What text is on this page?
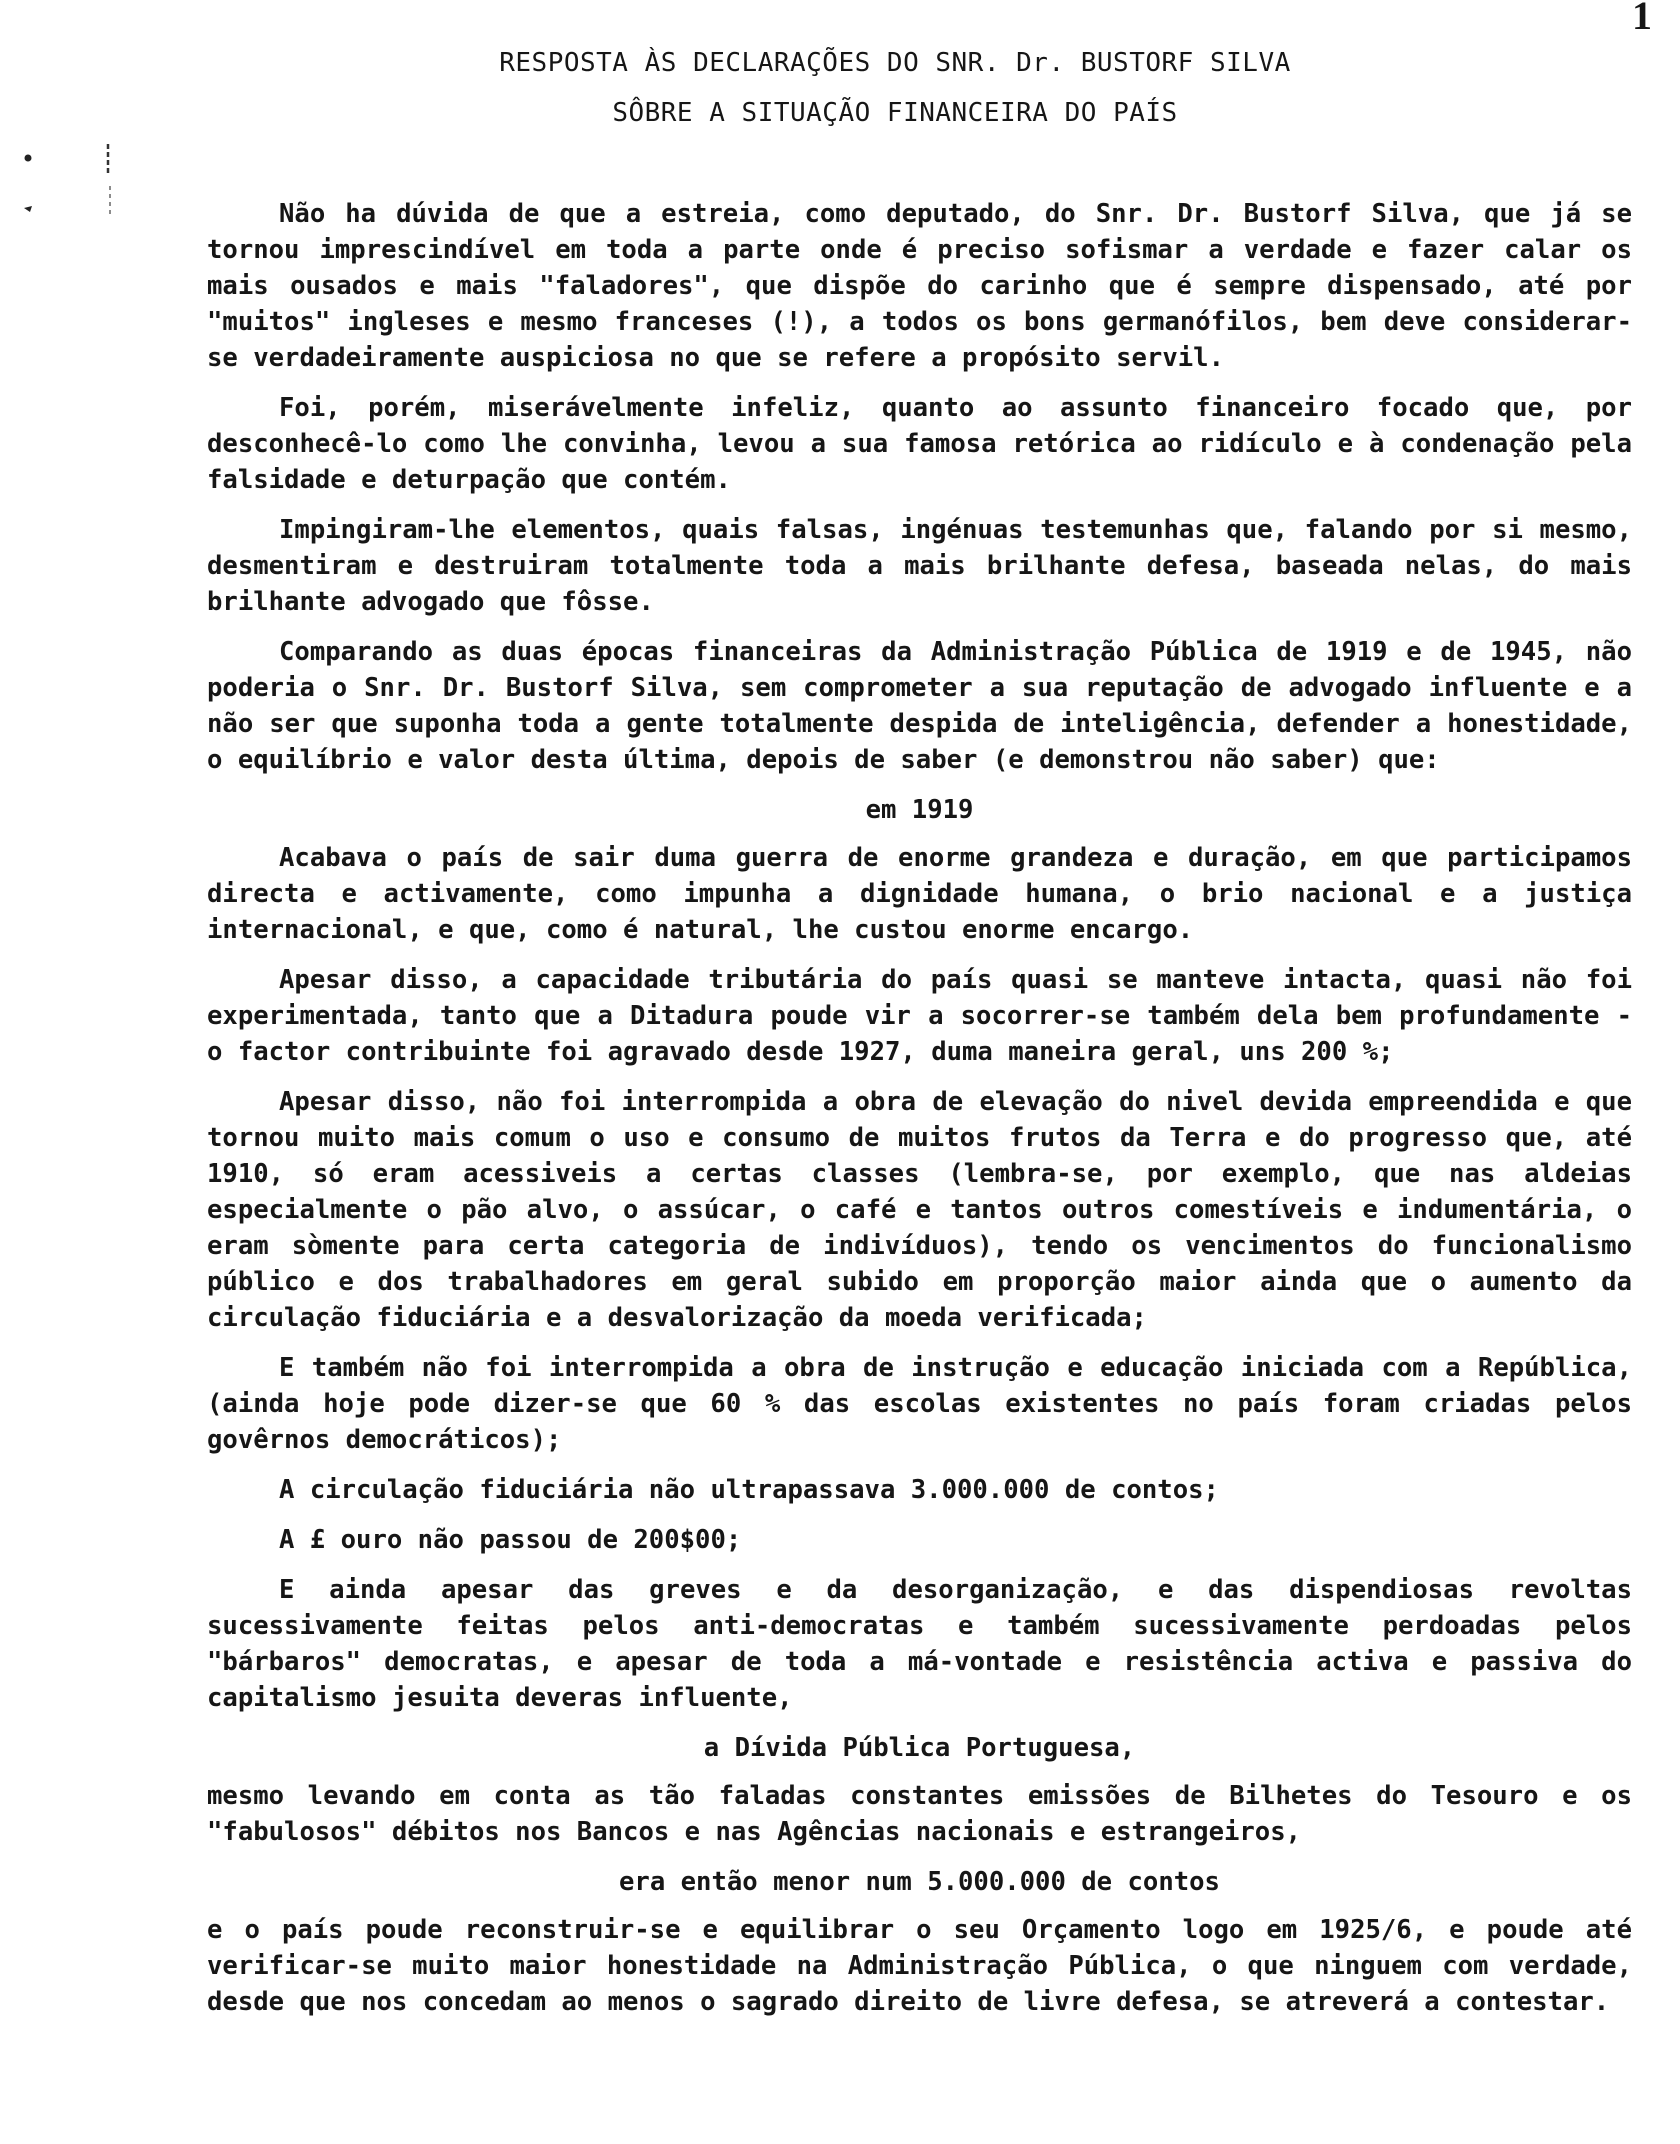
1
RESPOSTA ÀS DECLARAÇÕES DO SNR. Dr. BUSTORF SILVA
SÔBRE A SITUAÇÃO FINANCEIRA DO PAÍS

Não ha dúvida de que a estreia, como deputado, do Snr. Dr. Bustorf Silva, que já se tornou imprescindível em toda a parte onde é preciso sofismar a verdade e fazer calar os mais ousados e mais "faladores", que dispõe do carinho que é sempre dispensado, até por "muitos" ingleses e mesmo franceses (!), a todos os bons germanófilos, bem deve considerar-se verdadeiramente auspiciosa no que se refere a propósito servil.

Foi, porém, miserávelmente infeliz, quanto ao assunto financeiro focado que, por desconhecê-lo como lhe convinha, levou a sua famosa retórica ao ridículo e à condenação pela falsidade e deturpação que contém.

Impingiram-lhe elementos, quais falsas, ingénuas testemunhas que, falando por si mesmo, desmentiram e destruiram totalmente toda a mais brilhante defesa, baseada nelas, do mais brilhante advogado que fôsse.

Comparando as duas épocas financeiras da Administração Pública de 1919 e de 1945, não poderia o Snr. Dr. Bustorf Silva, sem comprometer a sua reputação de advogado influente e a não ser que suponha toda a gente totalmente despida de inteligência, defender a honestidade, o equilíbrio e valor desta última, depois de saber (e demonstrou não saber) que:

em 1919

Acabava o país de sair duma guerra de enorme grandeza e duração, em que participamos directa e activamente, como impunha a dignidade humana, o brio nacional e a justiça internacional, e que, como é natural, lhe custou enorme encargo.

Apesar disso, a capacidade tributária do país quasi se manteve intacta, quasi não foi experimentada, tanto que a Ditadura poude vir a socorrer-se também dela bem profundamente - o factor contribuinte foi agravado desde 1927, duma maneira geral, uns 200 %;

Apesar disso, não foi interrompida a obra de elevação do nivel devida empreendida e que tornou muito mais comum o uso e consumo de muitos frutos da Terra e do progresso que, até 1910, só eram acessiveis a certas classes (lembra-se, por exemplo, que nas aldeias especialmente o pão alvo, o assúcar, o café e tantos outros comestíveis e indumentária, o eram sòmente para certa categoria de indivíduos), tendo os vencimentos do funcionalismo público e dos trabalhadores em geral subido em proporção maior ainda que o aumento da circulação fiduciária e a desvalorização da moeda verificada;

E também não foi interrompida a obra de instrução e educação iniciada com a República, (ainda hoje pode dizer-se que 60 % das escolas existentes no país foram criadas pelos govêrnos democráticos);

A circulação fiduciária não ultrapassava 3.000.000 de contos;

A £ ouro não passou de 200$00;

E ainda apesar das greves e da desorganização, e das dispendiosas revoltas sucessivamente feitas pelos anti-democratas e também sucessivamente perdoadas pelos "bárbaros" democratas, e apesar de toda a má-vontade e resistência activa e passiva do capitalismo jesuita deveras influente,

a Dívida Pública Portuguesa,

mesmo levando em conta as tão faladas constantes emissões de Bilhetes do Tesouro e os "fabulosos" débitos nos Bancos e nas Agências nacionais e estrangeiros,

era então menor num 5.000.000 de contos

e o país poude reconstruir-se e equilibrar o seu Orçamento logo em 1925/6, e poude até verificar-se muito maior honestidade na Administração Pública, o que ninguem com verdade, desde que nos concedam ao menos o sagrado direito de livre defesa, se atreverá a contestar.
